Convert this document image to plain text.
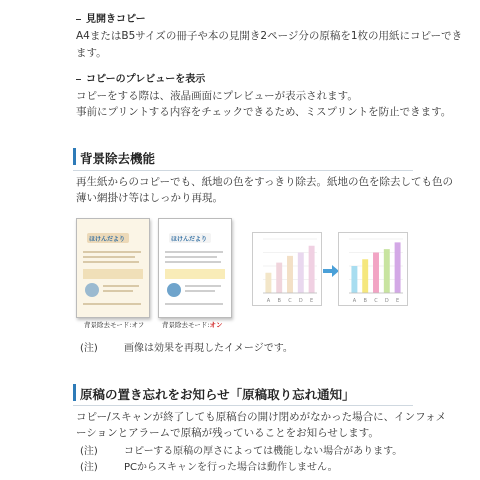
見開きコピー
A4またはB5サイズの冊子や本の見開き2ページ分の原稿を1枚の用紙にコピーできます。
コピーのプレビューを表示
コピーをする際は、液晶画面にプレビューが表示されます。
事前にプリントする内容をチェックできるため、ミスプリントを防止できます。
背景除去機能
再生紙からのコピーでも、紙地の色をすっきり除去。紙地の色を除去しても色の
薄い網掛け等はしっかり再現。
ほけんだより
背景除去モード:オフ
ほけんだより
背景除去モード:オン
A B C D E	A B C D E
(注)	画像は効果を再現したイメージです。
原稿の置き忘れをお知らせ「原稿取り忘れ通知」
コピー/スキャンが終了しても原稿台の開け閉めがなかった場合に、インフォメ
ーションとアラームで原稿が残っていることをお知らせします。
(注)	コピーする原稿の厚さによっては機能しない場合があります。
(注)	PCからスキャンを行った場合は動作しません。
